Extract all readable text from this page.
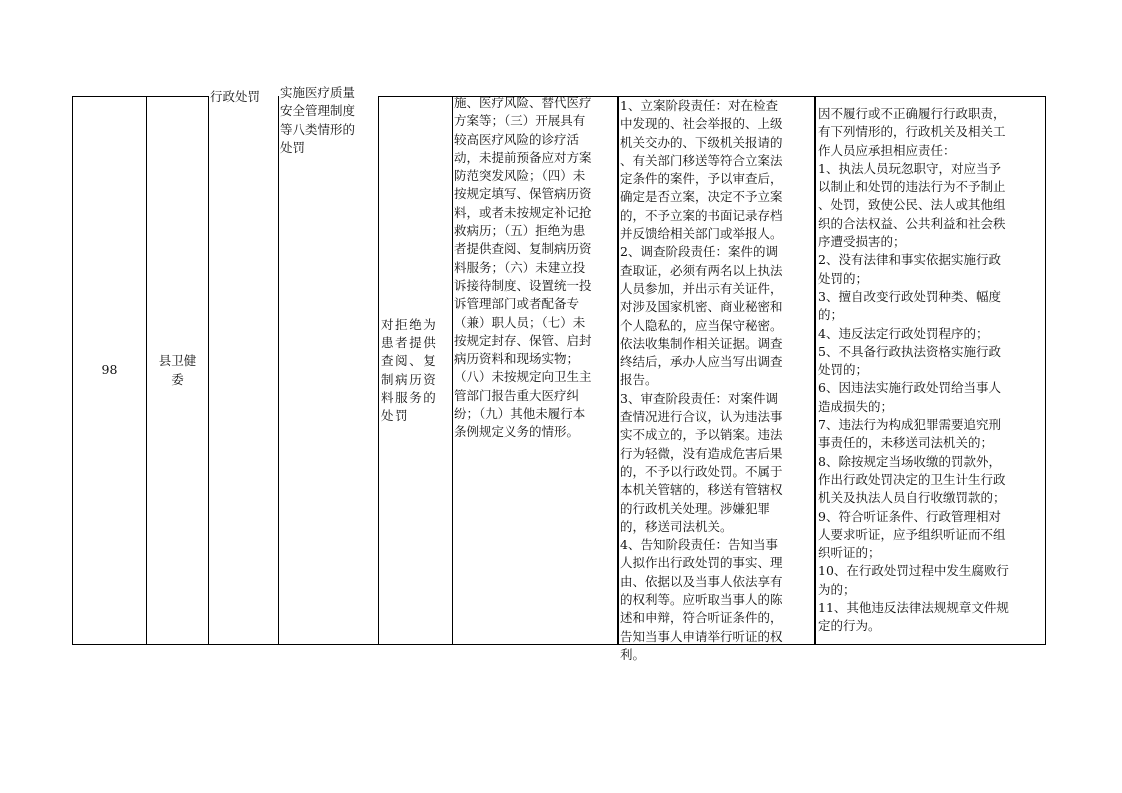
98
县卫健
委
行政处罚	实施医疗质量
安全管理制度
等八类情形的
处罚
对拒绝为
患者提供
查阅、复
制病历资
料服务的
处罚
施、医疗风险、替代医疗
方案等；（三）开展具有
较高医疗风险的诊疗活
动，未提前预备应对方案
防范突发风险；（四）未
按规定填写、保管病历资
料，或者未按规定补记抢
救病历；（五）拒绝为患
者提供查阅、复制病历资
料服务；（六）未建立投
诉接待制度、设置统一投
诉管理部门或者配备专
（兼）职人员；（七）未
按规定封存、保管、启封
病历资料和现场实物；
（八）未按规定向卫生主
管部门报告重大医疗纠
纷；（九）其他未履行本
条例规定义务的情形。
1、立案阶段责任：对在检查
中发现的、社会举报的、上级
机关交办的、下级机关报请的
、有关部门移送等符合立案法
定条件的案件，予以审查后，
确定是否立案，决定不予立案
的，不予立案的书面记录存档
并反馈给相关部门或举报人。
2、调查阶段责任：案件的调
查取证，必须有两名以上执法
人员参加，并出示有关证件，
对涉及国家机密、商业秘密和
个人隐私的，应当保守秘密。
依法收集制作相关证据。调查
终结后，承办人应当写出调查
报告。
3、审查阶段责任：对案件调
查情况进行合议，认为违法事
实不成立的，予以销案。违法
行为轻微，没有造成危害后果
的，不予以行政处罚。不属于
本机关管辖的，移送有管辖权
的行政机关处理。涉嫌犯罪
的，移送司法机关。
4、告知阶段责任：告知当事
人拟作出行政处罚的事实、理
由、依据以及当事人依法享有
的权利等。应听取当事人的陈
述和申辩，符合听证条件的，
告知当事人申请举行听证的权
利。
因不履行或不正确履行行政职责，
有下列情形的，行政机关及相关工
作人员应承担相应责任：
1、执法人员玩忽职守，对应当予
以制止和处罚的违法行为不予制止
、处罚，致使公民、法人或其他组
织的合法权益、公共利益和社会秩
序遭受损害的；
2、没有法律和事实依据实施行政
处罚的；
3、擅自改变行政处罚种类、幅度
的；
4、违反法定行政处罚程序的；
5、不具备行政执法资格实施行政
处罚的；
6、因违法实施行政处罚给当事人
造成损失的；
7、违法行为构成犯罪需要追究刑
事责任的，未移送司法机关的；
8、除按规定当场收缴的罚款外，
作出行政处罚决定的卫生计生行政
机关及执法人员自行收缴罚款的；
9、符合听证条件、行政管理相对
人要求听证，应予组织听证而不组
织听证的；
10、在行政处罚过程中发生腐败行
为的；
11、其他违反法律法规规章文件规
定的行为。
